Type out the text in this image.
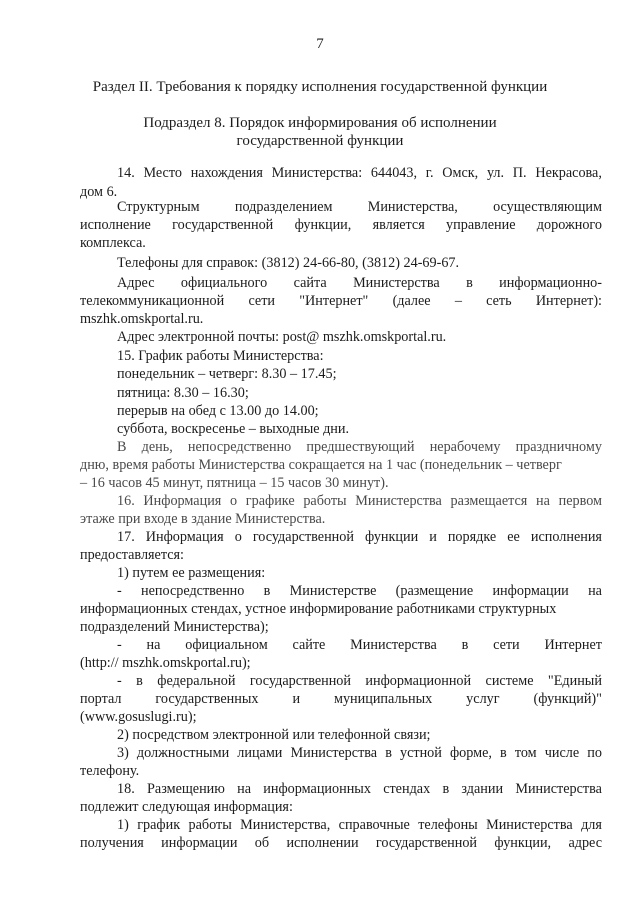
7
Раздел II. Требования к порядку исполнения государственной функции
Подраздел 8. Порядок информирования об исполнении
государственной функции
14. Место нахождения Министерства: 644043, г. Омск, ул. П. Некрасова,
дом 6.
Структурным подразделением Министерства, осуществляющим
исполнение государственной функции, является управление дорожного
комплекса.
Телефоны для справок: (3812) 24-66-80, (3812) 24-69-67.
Адрес официального сайта Министерства в информационно-
телекоммуникационной сети "Интернет" (далее – сеть Интернет):
mszhk.omskportal.ru.
Адрес электронной почты: post@ mszhk.omskportal.ru.
15. График работы Министерства:
понедельник – четверг: 8.30 – 17.45;
пятница: 8.30 – 16.30;
перерыв на обед с 13.00 до 14.00;
суббота, воскресенье – выходные дни.
В день, непосредственно предшествующий нерабочему праздничному
дню, время работы Министерства сокращается на 1 час (понедельник – четверг
– 16 часов 45 минут, пятница – 15 часов 30 минут).
16. Информация о графике работы Министерства размещается на первом
этаже при входе в здание Министерства.
17. Информация о государственной функции и порядке ее исполнения
предоставляется:
1) путем ее размещения:
- непосредственно в Министерстве (размещение информации на
информационных стендах, устное информирование работниками структурных
подразделений Министерства);
- на официальном сайте Министерства в сети Интернет
(http:// mszhk.omskportal.ru);
- в федеральной государственной информационной системе "Единый
портал государственных и муниципальных услуг (функций)"
(www.gosuslugi.ru);
2) посредством электронной или телефонной связи;
3) должностными лицами Министерства в устной форме, в том числе по
телефону.
18. Размещению на информационных стендах в здании Министерства
подлежит следующая информация:
1) график работы Министерства, справочные телефоны Министерства для
получения информации об исполнении государственной функции, адрес
